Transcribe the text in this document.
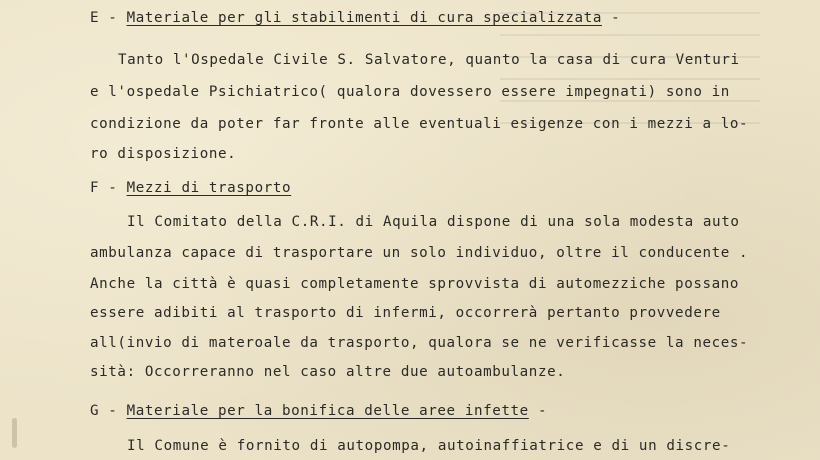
E - Materiale per gli stabilimenti di cura specializzata -
Tanto l'Ospedale Civile S. Salvatore, quanto la casa di cura Venturi
e l'ospedale Psichiatrico( qualora dovessero essere impegnati) sono in
condizione da poter far fronte alle eventuali esigenze con i mezzi a lo-
ro disposizione.
F - Mezzi di trasporto
Il Comitato della C.R.I. di Aquila dispone di una sola modesta auto
ambulanza capace di trasportare un solo individuo, oltre il conducente .
Anche la città è quasi completamente sprovvista di automezziche possano
essere adibiti al trasporto di infermi, occorrerà pertanto provvedere
all(invio di materoale da trasporto, qualora se ne verificasse la neces-
sità: Occorreranno nel caso altre due autoambulanze.
G - Materiale per la bonifica delle aree infette -
Il Comune è fornito di autopompa, autoinaffiatrice e di un discre-
